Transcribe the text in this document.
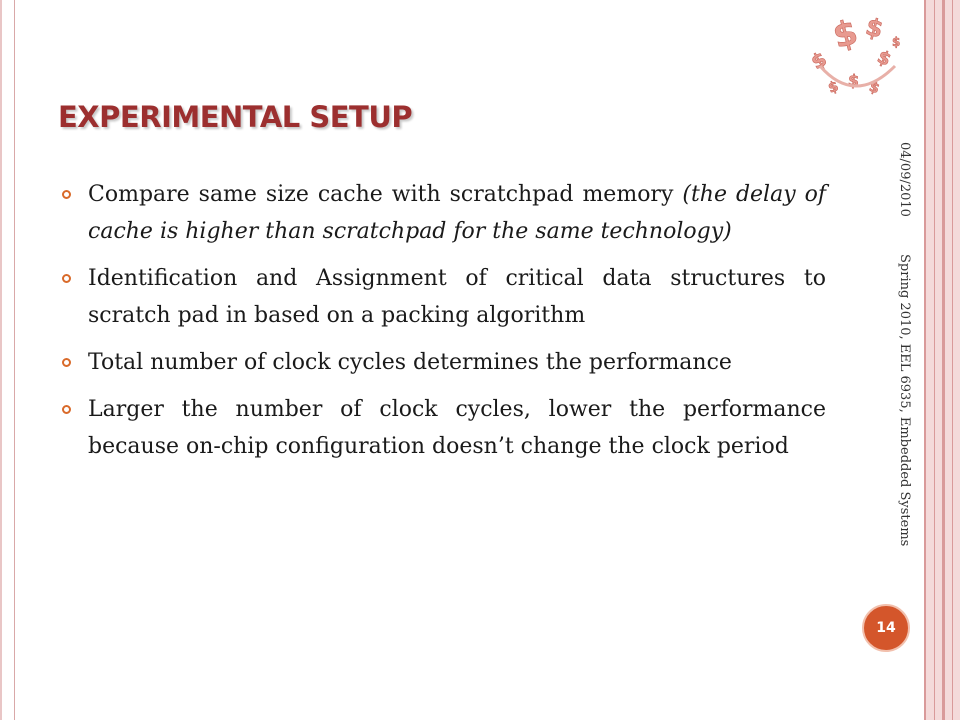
$ $
$ $
$
$ $
$
EXPERIMENTAL SETUP
Compare same size cache with scratchpad memory (the delay of cache is higher than scratchpad for the same technology)
Identification and Assignment of critical data structures to scratch pad in based on a packing algorithm
Total number of clock cycles determines the performance
Larger the number of clock cycles, lower the performance because on-chip configuration doesn’t change the clock period
04/09/2010
Spring 2010, EEL 6935, Embedded Systems
14
